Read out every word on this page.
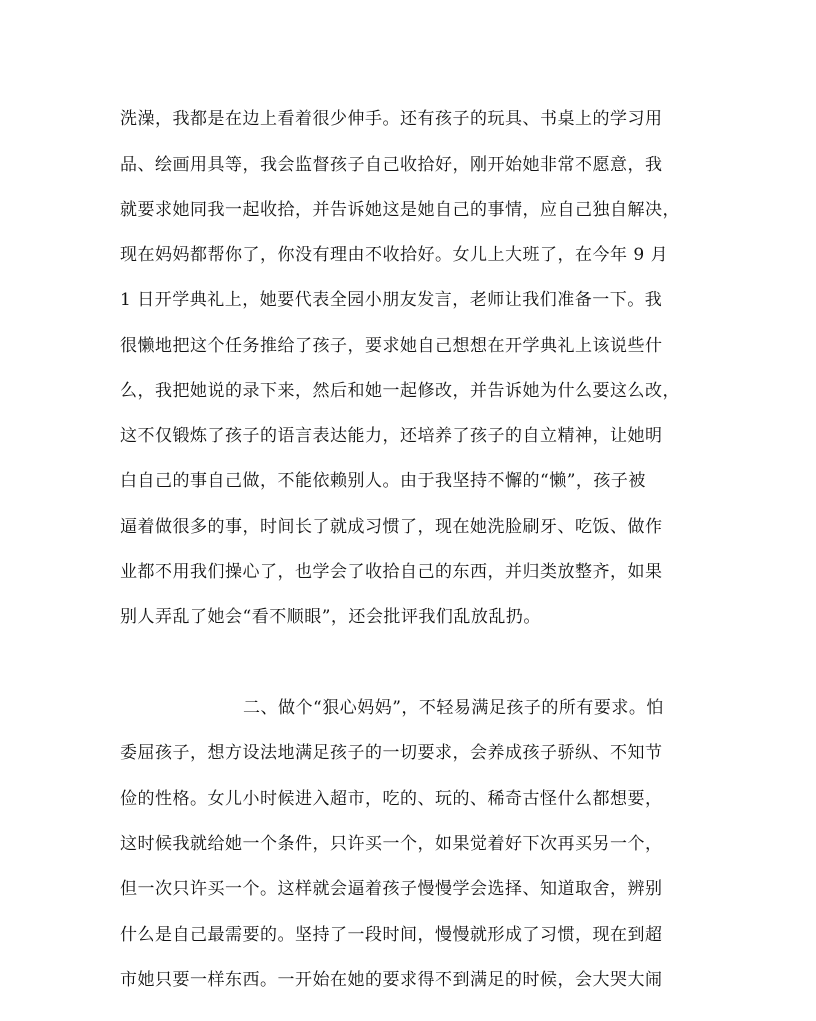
洗澡，我都是在边上看着很少伸手。还有孩子的玩具、书桌上的学习用
品、绘画用具等，我会监督孩子自己收拾好，刚开始她非常不愿意，我
就要求她同我一起收拾，并告诉她这是她自己的事情，应自己独自解决，
现在妈妈都帮你了，你没有理由不收拾好。女儿上大班了，在今年 9 月
1 日开学典礼上，她要代表全园小朋友发言，老师让我们准备一下。我
很懒地把这个任务推给了孩子，要求她自己想想在开学典礼上该说些什
么，我把她说的录下来，然后和她一起修改，并告诉她为什么要这么改，
这不仅锻炼了孩子的语言表达能力，还培养了孩子的自立精神，让她明
白自己的事自己做，不能依赖别人。由于我坚持不懈的“懒”，孩子被
逼着做很多的事，时间长了就成习惯了，现在她洗脸刷牙、吃饭、做作
业都不用我们操心了，也学会了收拾自己的东西，并归类放整齐，如果
别人弄乱了她会“看不顺眼”，还会批评我们乱放乱扔。
二、做个“狠心妈妈”，不轻易满足孩子的所有要求。怕
委屈孩子，想方设法地满足孩子的一切要求，会养成孩子骄纵、不知节
俭的性格。女儿小时候进入超市，吃的、玩的、稀奇古怪什么都想要，
这时候我就给她一个条件，只许买一个，如果觉着好下次再买另一个，
但一次只许买一个。这样就会逼着孩子慢慢学会选择、知道取舍，辨别
什么是自己最需要的。坚持了一段时间，慢慢就形成了习惯，现在到超
市她只要一样东西。一开始在她的要求得不到满足的时候，会大哭大闹
